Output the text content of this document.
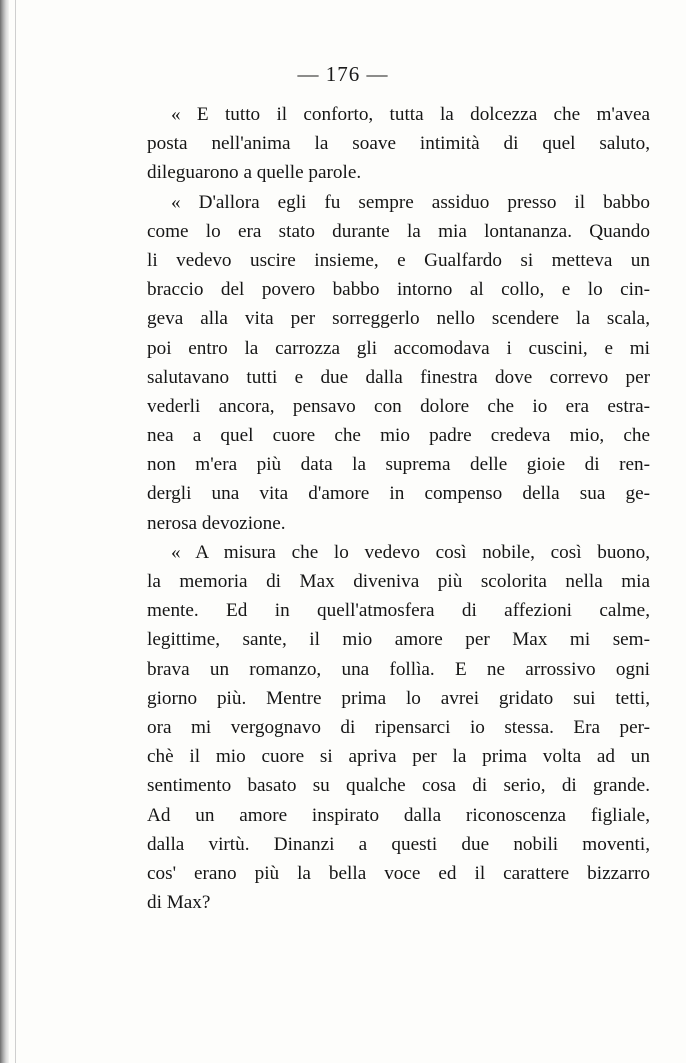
— 176 —
« E tutto il conforto, tutta la dolcezza che m'avea
posta nell'anima la soave intimità di quel saluto,
dileguarono a quelle parole.
« D'allora egli fu sempre assiduo presso il babbo
come lo era stato durante la mia lontananza. Quando
li vedevo uscire insieme, e Gualfardo si metteva un
braccio del povero babbo intorno al collo, e lo cin-
geva alla vita per sorreggerlo nello scendere la scala,
poi entro la carrozza gli accomodava i cuscini, e mi
salutavano tutti e due dalla finestra dove correvo per
vederli ancora, pensavo con dolore che io era estra-
nea a quel cuore che mio padre credeva mio, che
non m'era più data la suprema delle gioie di ren-
dergli una vita d'amore in compenso della sua ge-
nerosa devozione.
« A misura che lo vedevo così nobile, così buono,
la memoria di Max diveniva più scolorita nella mia
mente. Ed in quell'atmosfera di affezioni calme,
legittime, sante, il mio amore per Max mi sem-
brava un romanzo, una follìa. E ne arrossivo ogni
giorno più. Mentre prima lo avrei gridato sui tetti,
ora mi vergognavo di ripensarci io stessa. Era per-
chè il mio cuore si apriva per la prima volta ad un
sentimento basato su qualche cosa di serio, di grande.
Ad un amore inspirato dalla riconoscenza figliale,
dalla virtù. Dinanzi a questi due nobili moventi,
cos' erano più la bella voce ed il carattere bizzarro
di Max?
